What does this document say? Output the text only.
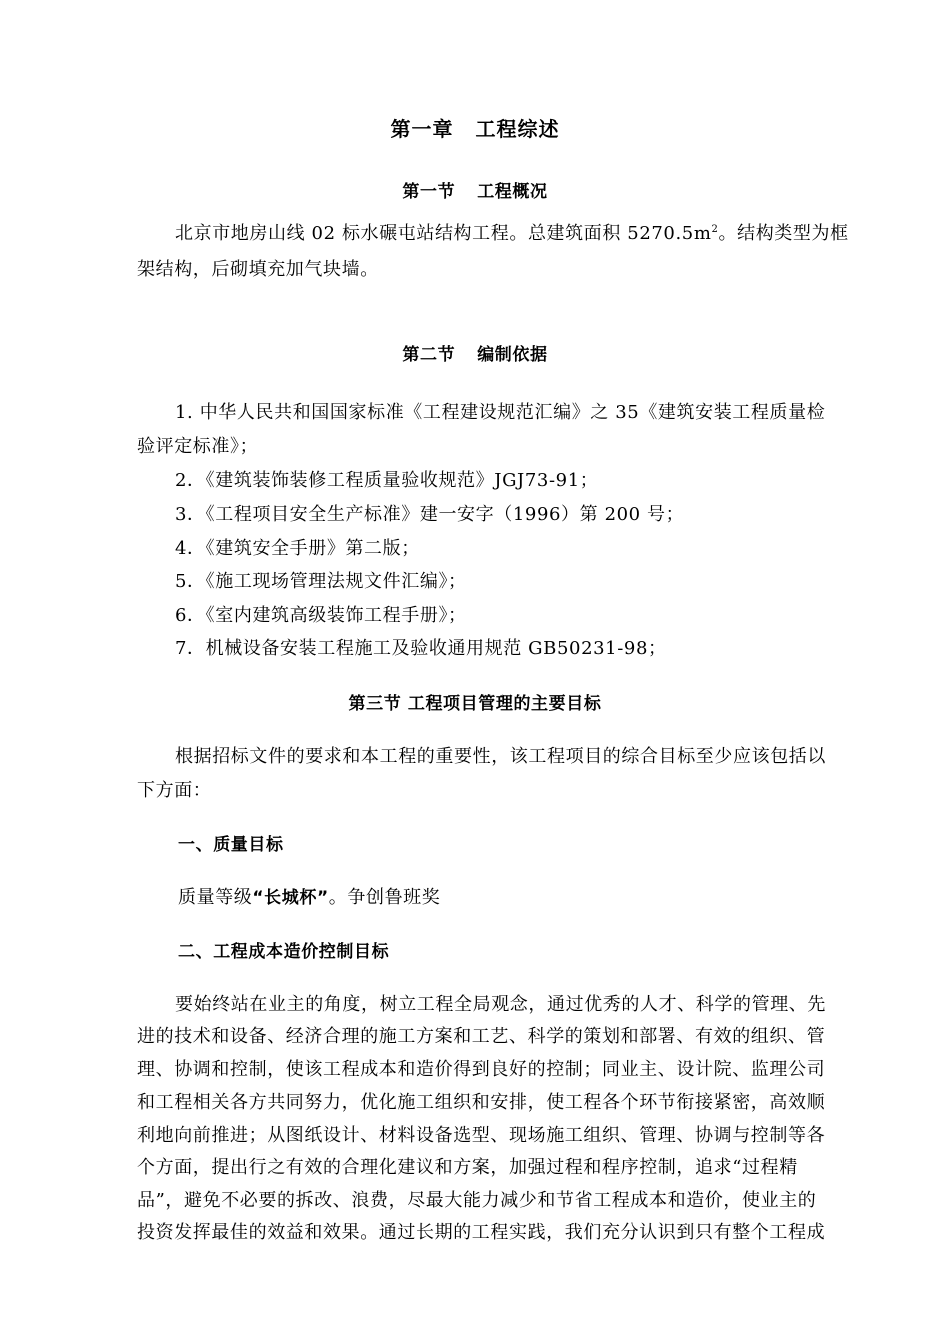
第一章 工程综述
第一节 工程概况
北京市地房山线 02 标水碾屯站结构工程。总建筑面积 $5270.5m^2$。结构类型为框
架结构，后砌填充加气块墙。
第二节 编制依据
1. 中华人民共和国国家标准《工程建设规范汇编》之 35《建筑安装工程质量检
验评定标准》；
2．《建筑装饰装修工程质量验收规范》JGJ73-91；
3．《工程项目安全生产标准》建一安字（1996）第 200 号；
4．《建筑安全手册》第二版；
5．《施工现场管理法规文件汇编》；
6．《室内建筑高级装饰工程手册》；
7．机械设备安装工程施工及验收通用规范 GB50231-98；
第三节 工程项目管理的主要目标
根据招标文件的要求和本工程的重要性，该工程项目的综合目标至少应该包括以
下方面：
一、质量目标
质量等级“长城杯”。争创鲁班奖
二、工程成本造价控制目标
要始终站在业主的角度，树立工程全局观念，通过优秀的人才、科学的管理、先
进的技术和设备、经济合理的施工方案和工艺、科学的策划和部署、有效的组织、管
理、协调和控制，使该工程成本和造价得到良好的控制；同业主、设计院、监理公司
和工程相关各方共同努力，优化施工组织和安排，使工程各个环节衔接紧密，高效顺
利地向前推进；从图纸设计、材料设备选型、现场施工组织、管理、协调与控制等各
个方面，提出行之有效的合理化建议和方案，加强过程和程序控制，追求“过程精
品”，避免不必要的拆改、浪费，尽最大能力减少和节省工程成本和造价，使业主的
投资发挥最佳的效益和效果。通过长期的工程实践，我们充分认识到只有整个工程成
